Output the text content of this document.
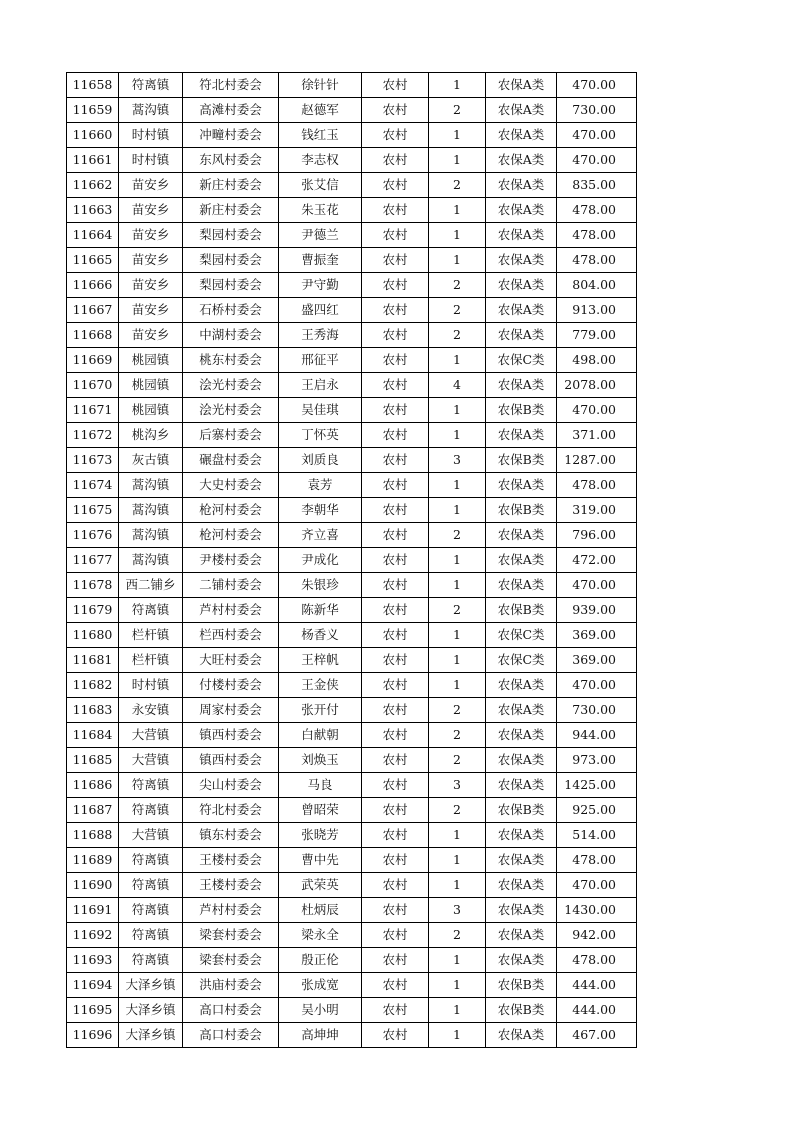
11658	符离镇	符北村委会	徐针针	农村	1	农保A类	470.00
11659	蒿沟镇	高滩村委会	赵德军	农村	2	农保A类	730.00
11660	时村镇	冲疃村委会	钱红玉	农村	1	农保A类	470.00
11661	时村镇	东风村委会	李志权	农村	1	农保A类	470.00
11662	苗安乡	新庄村委会	张艾信	农村	2	农保A类	835.00
11663	苗安乡	新庄村委会	朱玉花	农村	1	农保A类	478.00
11664	苗安乡	梨园村委会	尹德兰	农村	1	农保A类	478.00
11665	苗安乡	梨园村委会	曹振奎	农村	1	农保A类	478.00
11666	苗安乡	梨园村委会	尹守勤	农村	2	农保A类	804.00
11667	苗安乡	石桥村委会	盛四红	农村	2	农保A类	913.00
11668	苗安乡	中湖村委会	王秀海	农村	2	农保A类	779.00
11669	桃园镇	桃东村委会	邢征平	农村	1	农保C类	498.00
11670	桃园镇	浍光村委会	王启永	农村	4	农保A类	2078.00
11671	桃园镇	浍光村委会	吴佳琪	农村	1	农保B类	470.00
11672	桃沟乡	后寨村委会	丁怀英	农村	1	农保A类	371.00
11673	灰古镇	碾盘村委会	刘质良	农村	3	农保B类	1287.00
11674	蒿沟镇	大史村委会	袁芳	农村	1	农保A类	478.00
11675	蒿沟镇	枪河村委会	李朝华	农村	1	农保B类	319.00
11676	蒿沟镇	枪河村委会	齐立喜	农村	2	农保A类	796.00
11677	蒿沟镇	尹楼村委会	尹成化	农村	1	农保A类	472.00
11678	西二铺乡	二铺村委会	朱银珍	农村	1	农保A类	470.00
11679	符离镇	芦村村委会	陈新华	农村	2	农保B类	939.00
11680	栏杆镇	栏西村委会	杨香义	农村	1	农保C类	369.00
11681	栏杆镇	大旺村委会	王梓帆	农村	1	农保C类	369.00
11682	时村镇	付楼村委会	王金侠	农村	1	农保A类	470.00
11683	永安镇	周家村委会	张开付	农村	2	农保A类	730.00
11684	大营镇	镇西村委会	白献朝	农村	2	农保A类	944.00
11685	大营镇	镇西村委会	刘焕玉	农村	2	农保A类	973.00
11686	符离镇	尖山村委会	马良	农村	3	农保A类	1425.00
11687	符离镇	符北村委会	曾昭荣	农村	2	农保B类	925.00
11688	大营镇	镇东村委会	张晓芳	农村	1	农保A类	514.00
11689	符离镇	王楼村委会	曹中先	农村	1	农保A类	478.00
11690	符离镇	王楼村委会	武荣英	农村	1	农保A类	470.00
11691	符离镇	芦村村委会	杜炳辰	农村	3	农保A类	1430.00
11692	符离镇	梁套村委会	梁永全	农村	2	农保A类	942.00
11693	符离镇	梁套村委会	殷正伦	农村	1	农保A类	478.00
11694	大泽乡镇	洪庙村委会	张成宽	农村	1	农保B类	444.00
11695	大泽乡镇	高口村委会	吴小明	农村	1	农保B类	444.00
11696	大泽乡镇	高口村委会	高坤坤	农村	1	农保A类	467.00
